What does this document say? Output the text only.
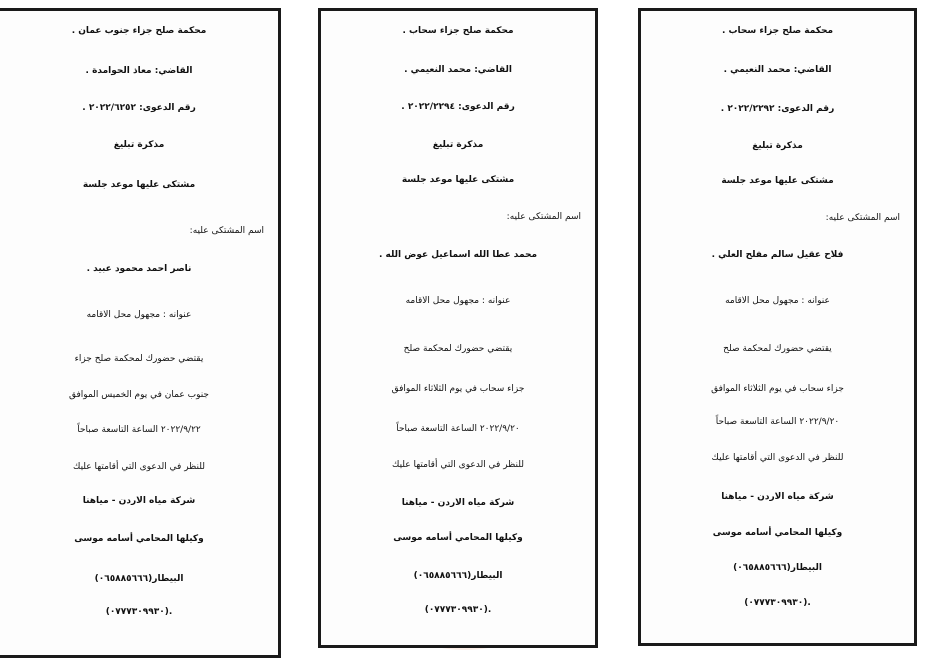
محكمة صلح جزاء سحاب .
القاضي: محمد النعيمي .
رقم الدعوى: ٢٠٢٢/٢٢٩٢ .
مذكرة تبليغ
مشتكى عليها موعد جلسة
اسم المشتكى عليه:
فلاح عقيل سالم مفلح العلي .
عنوانه : مجهول محل الاقامه
يقتضي حضورك لمحكمة صلح
جزاء سحاب في يوم الثلاثاء الموافق
٢٠٢٢/٩/٢٠ الساعة التاسعة صباحاً
للنظر في الدعوى التي أقامتها عليك
شركة مياه الاردن - مياهنا
وكيلها المحامي أسامه موسى
البيطار(٠٦٥٨٨٥٦٦٦)
.(٠٧٧٧٣٠٩٩٣٠)
محكمة صلح جزاء سحاب .
القاضي: محمد النعيمي .
رقم الدعوى: ٢٠٢٢/٢٢٩٤ .
مذكرة تبليغ
مشتكى عليها موعد جلسة
اسم المشتكى عليه:
محمد عطا الله اسماعيل عوض الله .
عنوانه : مجهول محل الاقامه
يقتضي حضورك لمحكمة صلح
جزاء سحاب في يوم الثلاثاء الموافق
٢٠٢٢/٩/٢٠ الساعة التاسعة صباحاً
للنظر في الدعوى التي أقامتها عليك
شركة مياه الاردن - مياهنا
وكيلها المحامي أسامه موسى
البيطار(٠٦٥٨٨٥٦٦٦)
.(٠٧٧٧٣٠٩٩٣٠)
محكمة صلح جزاء جنوب عمان .
القاضي: معاذ الحوامدة .
رقم الدعوى: ٢٠٢٢/٦٢٥٢ .
مذكرة تبليغ
مشتكى عليها موعد جلسة
اسم المشتكى عليه:
ناصر احمد محمود عبيد .
عنوانه : مجهول محل الاقامه
يقتضي حضورك لمحكمة صلح جزاء
جنوب عمان في يوم الخميس الموافق
٢٠٢٢/٩/٢٢ الساعة التاسعة صباحاً
للنظر في الدعوى التي أقامتها عليك
شركة مياه الاردن - مياهنا
وكيلها المحامي أسامه موسى
البيطار(٠٦٥٨٨٥٦٦٦)
.(٠٧٧٧٣٠٩٩٣٠)
